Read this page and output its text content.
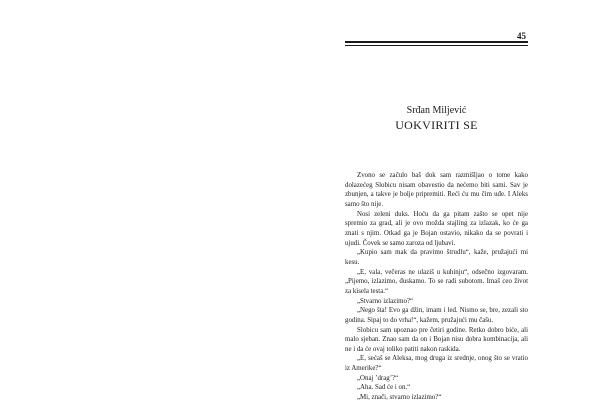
45
Srđan Miljević
UOKVIRITI SE

Zvono se začulo baš dok sam razmišljao o tome kako dolazećeg Slobicu nisam obavestio da nećemo biti sami. Sav je zbunjen, a takve je bolje pripremiti. Reći ću mu čim uđe. I Aleks samo što nije.

Nosi zeleni duks. Hoću da ga pitam zašto se opet nije spremio za grad, ali je ovo možda stajling za izlazak, ko će ga znati s njim. Otkad ga je Bojan ostavio, nikako da se povrati i ujudi. Čovek se samo zaroza od ljubavi.

„Kupio sam mak da pravimo štrudlu“, kaže, pružajući mi kesu.

„E, vala, večeras ne ulaziš u kuhinju“, odsečno izgovaram. „Pijemo, izlazimo, đuskamo. To se radi subotom. Imaš ceo život za kisela testa.“

„Stvarno izlazimo?“

„Nego šta! Evo ga džin, imam i led. Nismo se, bre, zezali sto godina. Sipaj to do vrha!“, kažem, pružajući mu čašu.

Slobicu sam upoznao pre četiri godine. Retko dobro biće, ali malo sjeban. Znao sam da on i Bojan nisu dobra kombinacija, ali ne i da će ovaj toliko patiti nakon raskida.

„E, sećaš se Aleksa, mog druga iz srednje, onog što se vratio iz Amerike?“

„Onaj ’drag’?“

„Aha. Sad će i on.“

„Mi, znači, stvarno izlazimo?“
